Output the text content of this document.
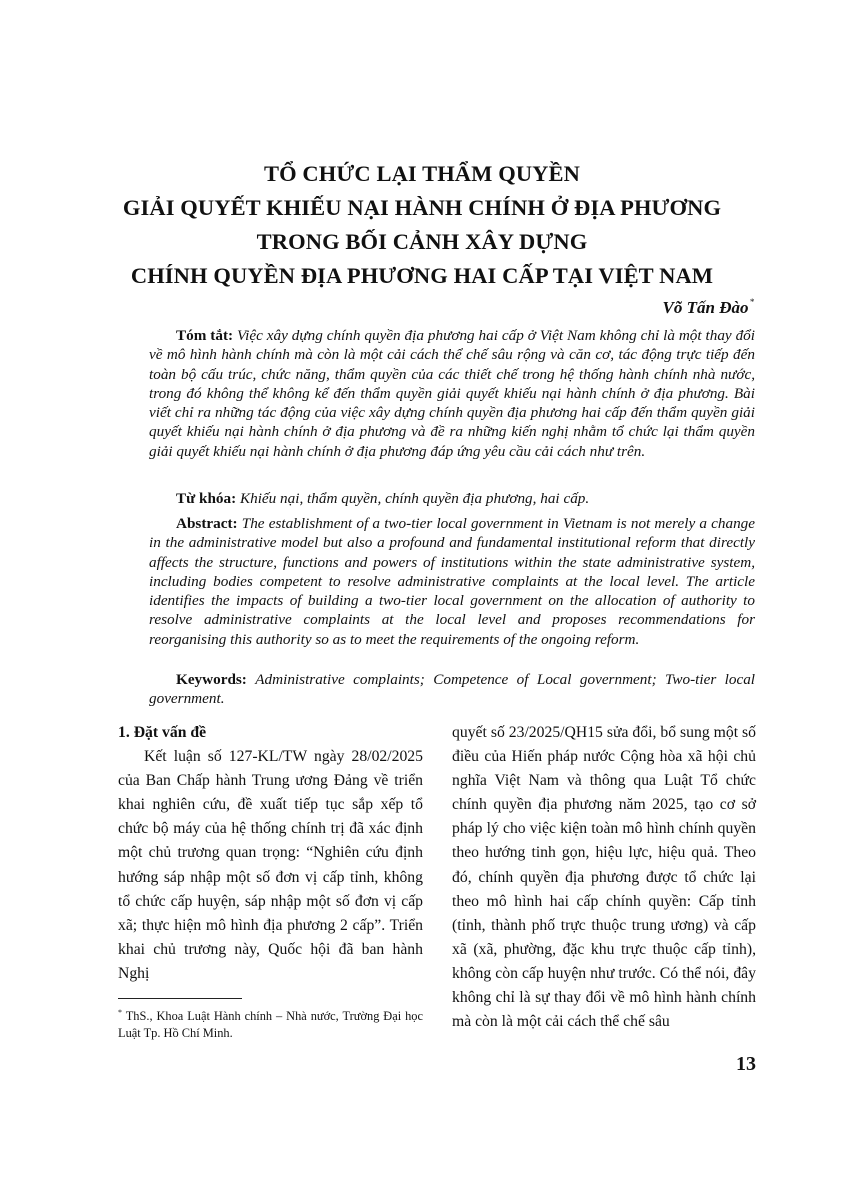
TỔ CHỨC LẠI THẨM QUYỀN
GIẢI QUYẾT KHIẾU NẠI HÀNH CHÍNH Ở ĐỊA PHƯƠNG
TRONG BỐI CẢNH XÂY DỰNG
CHÍNH QUYỀN ĐỊA PHƯƠNG HAI CẤP TẠI VIỆT NAM
Võ Tấn Đào*
Tóm tắt: Việc xây dựng chính quyền địa phương hai cấp ở Việt Nam không chỉ là một thay đổi về mô hình hành chính mà còn là một cải cách thể chế sâu rộng và căn cơ, tác động trực tiếp đến toàn bộ cấu trúc, chức năng, thẩm quyền của các thiết chế trong hệ thống hành chính nhà nước, trong đó không thể không kể đến thẩm quyền giải quyết khiếu nại hành chính ở địa phương. Bài viết chỉ ra những tác động của việc xây dựng chính quyền địa phương hai cấp đến thẩm quyền giải quyết khiếu nại hành chính ở địa phương và đề ra những kiến nghị nhằm tổ chức lại thẩm quyền giải quyết khiếu nại hành chính ở địa phương đáp ứng yêu cầu cải cách như trên.
Từ khóa: Khiếu nại, thẩm quyền, chính quyền địa phương, hai cấp.
Abstract: The establishment of a two-tier local government in Vietnam is not merely a change in the administrative model but also a profound and fundamental institutional reform that directly affects the structure, functions and powers of institutions within the state administrative system, including bodies competent to resolve administrative complaints at the local level. The article identifies the impacts of building a two-tier local government on the allocation of authority to resolve administrative complaints at the local level and proposes recommendations for reorganising this authority so as to meet the requirements of the ongoing reform.
Keywords: Administrative complaints; Competence of Local government; Two-tier local government.

1. Đặt vấn đề

Kết luận số 127-KL/TW ngày 28/02/2025 của Ban Chấp hành Trung ương Đảng về triển khai nghiên cứu, đề xuất tiếp tục sắp xếp tổ chức bộ máy của hệ thống chính trị đã xác định một chủ trương quan trọng: “Nghiên cứu định hướng sáp nhập một số đơn vị cấp tỉnh, không tổ chức cấp huyện, sáp nhập một số đơn vị cấp xã; thực hiện mô hình địa phương 2 cấp”. Triển khai chủ trương này, Quốc hội đã ban hành Nghị

quyết số 23/2025/QH15 sửa đổi, bổ sung một số điều của Hiến pháp nước Cộng hòa xã hội chủ nghĩa Việt Nam và thông qua Luật Tổ chức chính quyền địa phương năm 2025, tạo cơ sở pháp lý cho việc kiện toàn mô hình chính quyền theo hướng tinh gọn, hiệu lực, hiệu quả. Theo đó, chính quyền địa phương được tổ chức lại theo mô hình hai cấp chính quyền: Cấp tỉnh (tỉnh, thành phố trực thuộc trung ương) và cấp xã (xã, phường, đặc khu trực thuộc cấp tỉnh), không còn cấp huyện như trước. Có thể nói, đây không chỉ là sự thay đổi về mô hình hành chính mà còn là một cải cách thể chế sâu

* ThS., Khoa Luật Hành chính – Nhà nước, Trường Đại học Luật Tp. Hồ Chí Minh.
13
